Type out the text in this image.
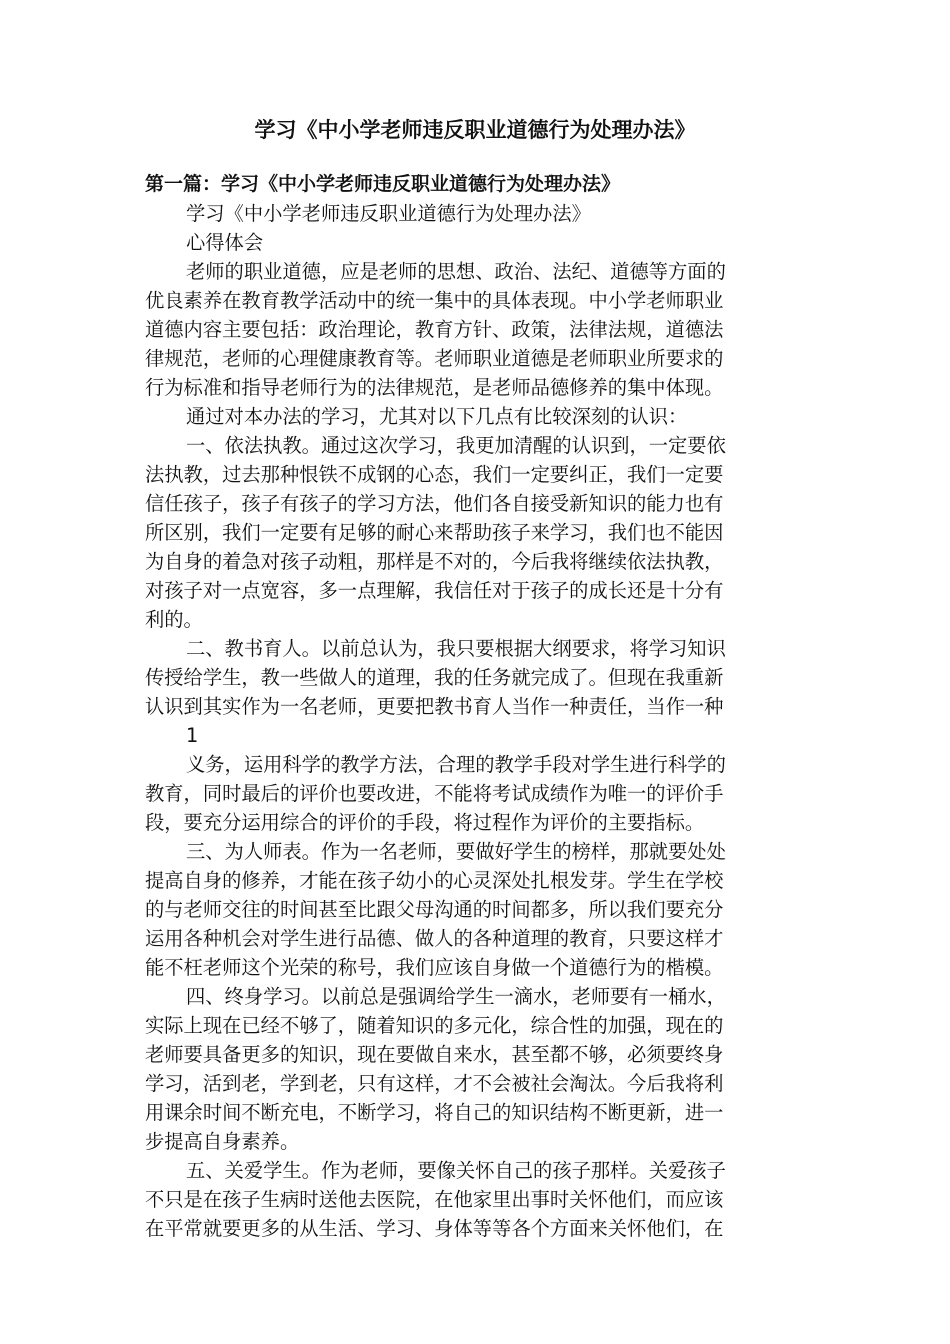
学习《中小学老师违反职业道德行为处理办法》
第一篇：学习《中小学老师违反职业道德行为处理办法》
学习《中小学老师违反职业道德行为处理办法》
心得体会
老师的职业道德，应是老师的思想、政治、法纪、道德等方面的
优良素养在教育教学活动中的统一集中的具体表现。中小学老师职业
道德内容主要包括：政治理论，教育方针、政策，法律法规，道德法
律规范，老师的心理健康教育等。老师职业道德是老师职业所要求的
行为标准和指导老师行为的法律规范，是老师品德修养的集中体现。
通过对本办法的学习，尤其对以下几点有比较深刻的认识：
一、依法执教。通过这次学习，我更加清醒的认识到，一定要依
法执教，过去那种恨铁不成钢的心态，我们一定要纠正，我们一定要
信任孩子，孩子有孩子的学习方法，他们各自接受新知识的能力也有
所区别，我们一定要有足够的耐心来帮助孩子来学习，我们也不能因
为自身的着急对孩子动粗，那样是不对的，今后我将继续依法执教，
对孩子对一点宽容，多一点理解，我信任对于孩子的成长还是十分有
利的。
二、教书育人。以前总认为，我只要根据大纲要求，将学习知识
传授给学生，教一些做人的道理，我的任务就完成了。但现在我重新
认识到其实作为一名老师，更要把教书育人当作一种责任，当作一种
1
义务，运用科学的教学方法，合理的教学手段对学生进行科学的
教育，同时最后的评价也要改进，不能将考试成绩作为唯一的评价手
段，要充分运用综合的评价的手段，将过程作为评价的主要指标。
三、为人师表。作为一名老师，要做好学生的榜样，那就要处处
提高自身的修养，才能在孩子幼小的心灵深处扎根发芽。学生在学校
的与老师交往的时间甚至比跟父母沟通的时间都多，所以我们要充分
运用各种机会对学生进行品德、做人的各种道理的教育，只要这样才
能不枉老师这个光荣的称号，我们应该自身做一个道德行为的楷模。
四、终身学习。以前总是强调给学生一滴水，老师要有一桶水，
实际上现在已经不够了，随着知识的多元化，综合性的加强，现在的
老师要具备更多的知识，现在要做自来水，甚至都不够，必须要终身
学习，活到老，学到老，只有这样，才不会被社会淘汰。今后我将利
用课余时间不断充电，不断学习，将自己的知识结构不断更新，进一
步提高自身素养。
五、关爱学生。作为老师，要像关怀自己的孩子那样。关爱孩子
不只是在孩子生病时送他去医院，在他家里出事时关怀他们，而应该
在平常就要更多的从生活、学习、身体等等各个方面来关怀他们，在
